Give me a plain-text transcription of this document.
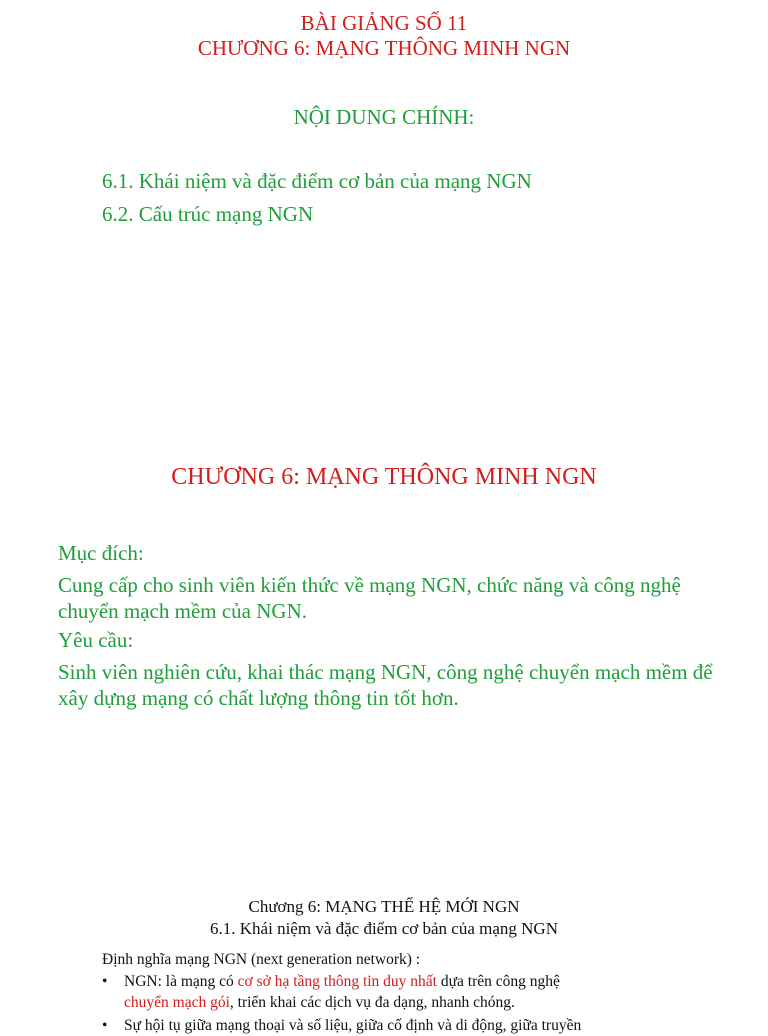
BÀI GIẢNG SỐ 11
CHƯƠNG 6: MẠNG THÔNG MINH NGN
NỘI DUNG CHÍNH:
6.1. Khái niệm và đặc điểm cơ bản của mạng NGN
6.2. Cấu trúc mạng NGN
CHƯƠNG 6: MẠNG THÔNG MINH NGN
Mục đích:
Cung cấp cho sinh viên kiến thức về mạng NGN, chức năng và công nghệ
chuyển mạch mềm của NGN.
Yêu cầu:
Sinh viên nghiên cứu, khai thác mạng NGN, công nghệ chuyển mạch mềm để
xây dựng mạng có chất lượng thông tin tốt hơn.
Chương 6: MẠNG THẾ HỆ MỚI NGN
6.1. Khái niệm và đặc điểm cơ bản của mạng NGN
Định nghĩa mạng NGN (next generation network) :
• NGN: là mạng có cơ sở hạ tầng thông tin duy nhất dựa trên công nghệ
chuyển mạch gói, triển khai các dịch vụ đa dạng, nhanh chóng.
• Sự hội tụ giữa mạng thoại và số liệu, giữa cố định và di động, giữa truyền
